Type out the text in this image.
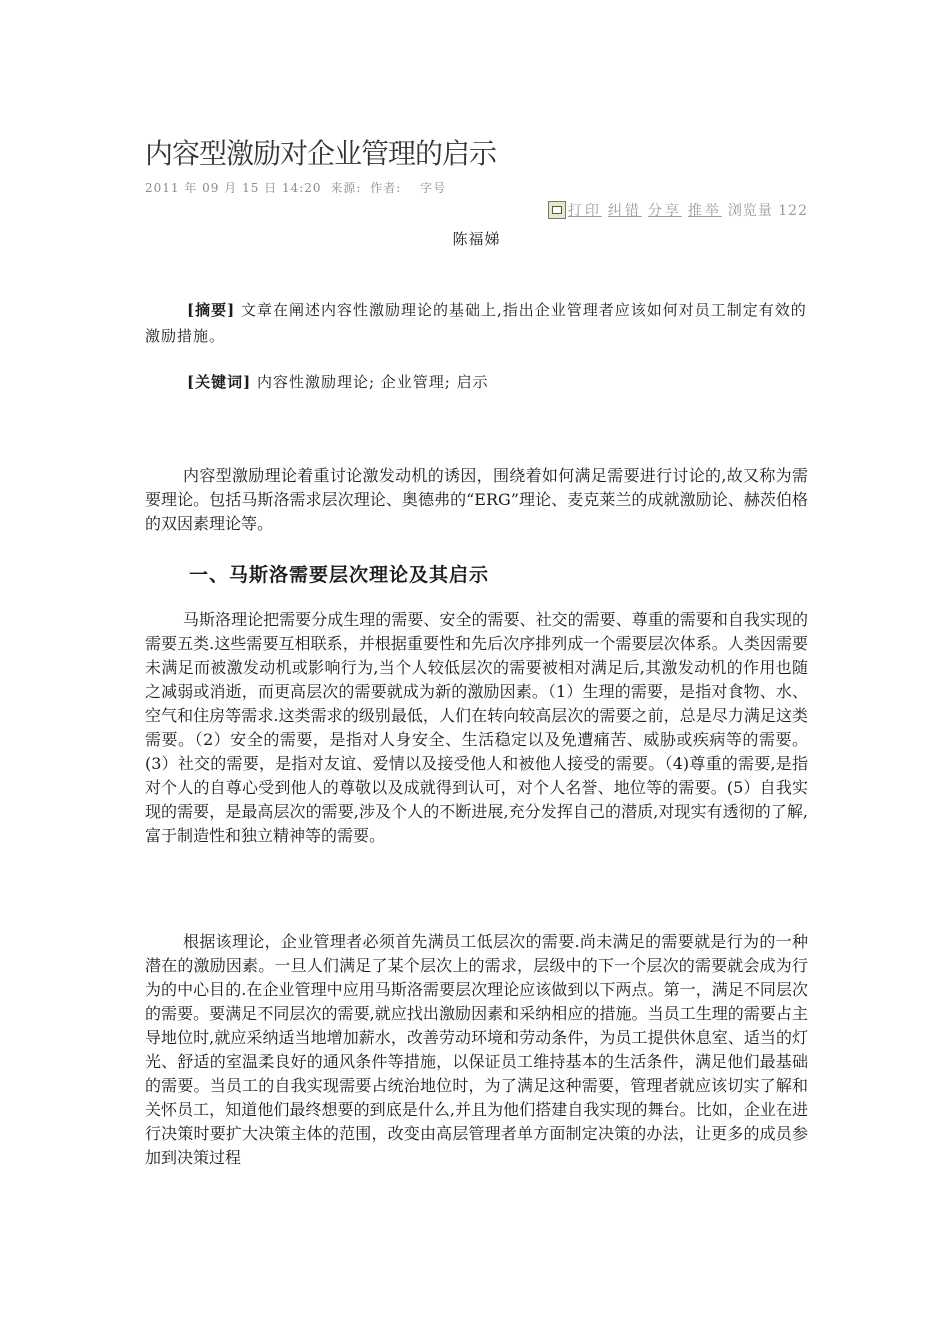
内容型激励对企业管理的启示
2011 年 09 月 15 日 14:20 来源: 作者: 字号
打印 纠错 分享 推举 浏览量 122
陈福娣

[摘要] 文章在阐述内容性激励理论的基础上,指出企业管理者应该如何对员工制定有效的激励措施。

[关键词] 内容性激励理论; 企业管理; 启示

内容型激励理论着重讨论激发动机的诱因，围绕着如何满足需要进行讨论的,故又称为需要理论。包括马斯洛需求层次理论、奥德弗的“ERG”理论、麦克莱兰的成就激励论、赫茨伯格的双因素理论等。

一、马斯洛需要层次理论及其启示

马斯洛理论把需要分成生理的需要、安全的需要、社交的需要、尊重的需要和自我实现的需要五类.这些需要互相联系，并根据重要性和先后次序排列成一个需要层次体系。人类因需要未满足而被激发动机或影响行为,当个人较低层次的需要被相对满足后,其激发动机的作用也随之减弱或消逝，而更高层次的需要就成为新的激励因素。（1）生理的需要，是指对食物、水、空气和住房等需求.这类需求的级别最低，人们在转向较高层次的需要之前，总是尽力满足这类需要。（2）安全的需要，是指对人身安全、生活稳定以及免遭痛苦、威胁或疾病等的需要。(3）社交的需要，是指对友谊、爱情以及接受他人和被他人接受的需要。（4)尊重的需要,是指对个人的自尊心受到他人的尊敬以及成就得到认可，对个人名誉、地位等的需要。(5）自我实现的需要，是最高层次的需要,涉及个人的不断进展,充分发挥自己的潜质,对现实有透彻的了解,富于制造性和独立精神等的需要。

根据该理论，企业管理者必须首先满员工低层次的需要.尚未满足的需要就是行为的一种潜在的激励因素。一旦人们满足了某个层次上的需求，层级中的下一个层次的需要就会成为行为的中心目的.在企业管理中应用马斯洛需要层次理论应该做到以下两点。第一，满足不同层次的需要。要满足不同层次的需要,就应找出激励因素和采纳相应的措施。当员工生理的需要占主导地位时,就应采纳适当地增加薪水，改善劳动环境和劳动条件，为员工提供休息室、适当的灯光、舒适的室温柔良好的通风条件等措施，以保证员工维持基本的生活条件，满足他们最基础的需要。当员工的自我实现需要占统治地位时，为了满足这种需要，管理者就应该切实了解和关怀员工，知道他们最终想要的到底是什么,并且为他们搭建自我实现的舞台。比如，企业在进行决策时要扩大决策主体的范围，改变由高层管理者单方面制定决策的办法，让更多的成员参加到决策过程
